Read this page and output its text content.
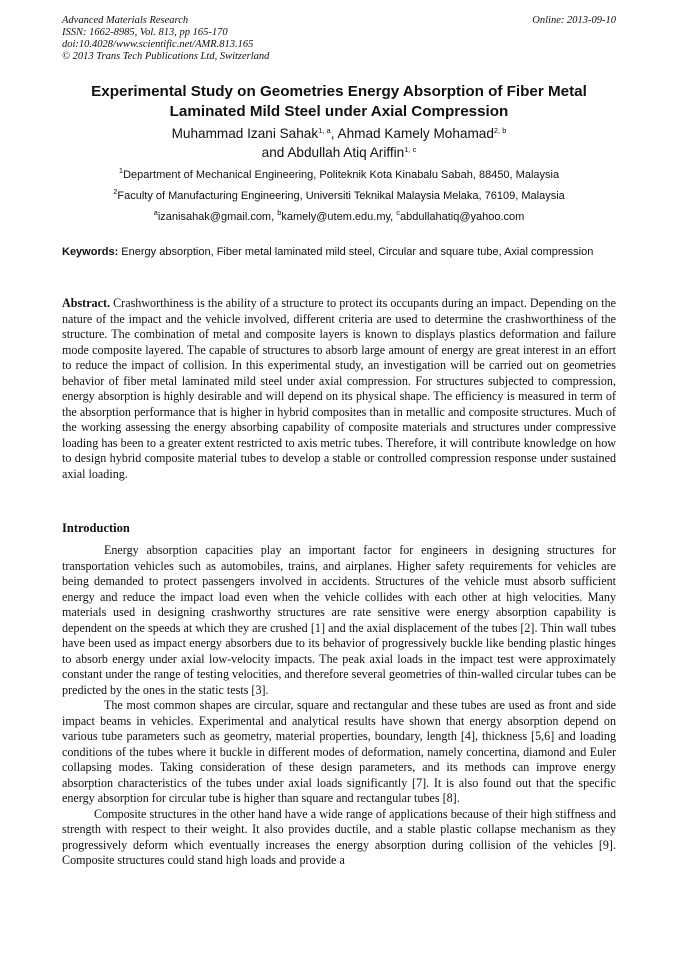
Advanced Materials Research
ISSN: 1662-8985, Vol. 813, pp 165-170
doi:10.4028/www.scientific.net/AMR.813.165
© 2013 Trans Tech Publications Ltd, Switzerland
Online: 2013-09-10
Experimental Study on Geometries Energy Absorption of Fiber Metal Laminated Mild Steel under Axial Compression
Muhammad Izani Sahak$^{1, a}$, Ahmad Kamely Mohamad$^{2, b}$
and Abdullah Atiq Ariffin$^{1, c}$
$^1$Department of Mechanical Engineering, Politeknik Kota Kinabalu Sabah, 88450, Malaysia
$^2$Faculty of Manufacturing Engineering, Universiti Teknikal Malaysia Melaka, 76109, Malaysia
$^a$izanisahak@gmail.com, $^b$kamely@utem.edu.my, $^c$abdullahatiq@yahoo.com
Keywords: Energy absorption, Fiber metal laminated mild steel, Circular and square tube, Axial compression
Abstract. Crashworthiness is the ability of a structure to protect its occupants during an impact. Depending on the nature of the impact and the vehicle involved, different criteria are used to determine the crashworthiness of the structure. The combination of metal and composite layers is known to displays plastics deformation and failure mode composite layered. The capable of structures to absorb large amount of energy are great interest in an effort to reduce the impact of collision. In this experimental study, an investigation will be carried out on geometries behavior of fiber metal laminated mild steel under axial compression. For structures subjected to compression, energy absorption is highly desirable and will depend on its physical shape. The efficiency is measured in term of the absorption performance that is higher in hybrid composites than in metallic and composite structures. Much of the working assessing the energy absorbing capability of composite materials and structures under compressive loading has been to a greater extent restricted to axis metric tubes. Therefore, it will contribute knowledge on how to design hybrid composite material tubes to develop a stable or controlled compression response under sustained axial loading.
Introduction

Energy absorption capacities play an important factor for engineers in designing structures for transportation vehicles such as automobiles, trains, and airplanes. Higher safety requirements for vehicles are being demanded to protect passengers involved in accidents. Structures of the vehicle must absorb sufficient energy and reduce the impact load even when the vehicle collides with each other at high velocities. Many materials used in designing crashworthy structures are rate sensitive were energy absorption capability is dependent on the speeds at which they are crushed [1] and the axial displacement of the tubes [2]. Thin wall tubes have been used as impact energy absorbers due to its behavior of progressively buckle like bending plastic hinges to absorb energy under axial low-velocity impacts. The peak axial loads in the impact test were approximately constant under the range of testing velocities, and therefore several geometries of thin-walled circular tubes can be predicted by the ones in the static tests [3].

The most common shapes are circular, square and rectangular and these tubes are used as front and side impact beams in vehicles. Experimental and analytical results have shown that energy absorption depend on various tube parameters such as geometry, material properties, boundary, length [4], thickness [5,6] and loading conditions of the tubes where it buckle in different modes of deformation, namely concertina, diamond and Euler collapsing modes. Taking consideration of these design parameters, and its methods can improve energy absorption characteristics of the tubes under axial loads significantly [7]. It is also found out that the specific energy absorption for circular tube is higher than square and rectangular tubes [8].

Composite structures in the other hand have a wide range of applications because of their high stiffness and strength with respect to their weight. It also provides ductile, and a stable plastic collapse mechanism as they progressively deform which eventually increases the energy absorption during collision of the vehicles [9]. Composite structures could stand high loads and provide a
